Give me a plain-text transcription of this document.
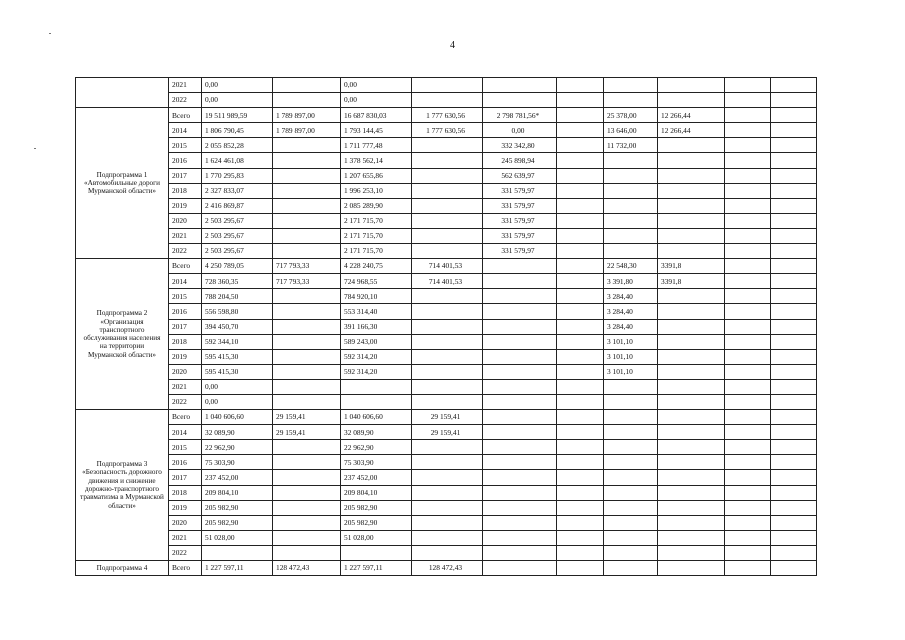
4
	2021	0,00		0,00							
	2022	0,00		0,00							
Подпрограмма 1 «Автомобильные дороги Мурманской области»	Всего	19 511 989,59	1 789 897,00	16 687 830,03	1 777 630,56	2 798 781,56*		25 378,00	12 266,44		
	2014	1 806 790,45	1 789 897,00	1 793 144,45	1 777 630,56	0,00		13 646,00	12 266,44		
	2015	2 055 852,28		1 711 777,48		332 342,80		11 732,00			
	2016	1 624 461,08		1 378 562,14		245 898,94					
	2017	1 770 295,83		1 207 655,86		562 639,97					
	2018	2 327 833,07		1 996 253,10		331 579,97					
	2019	2 416 869,87		2 085 289,90		331 579,97					
	2020	2 503 295,67		2 171 715,70		331 579,97					
	2021	2 503 295,67		2 171 715,70		331 579,97					
	2022	2 503 295,67		2 171 715,70		331 579,97					
Подпрограмма 2 «Организация транспортного обслуживания населения на территории Мурманской области»	Всего	4 250 789,05	717 793,33	4 228 240,75	714 401,53			22 548,30	3391,8		
	2014	728 360,35	717 793,33	724 968,55	714 401,53			3 391,80	3391,8		
	2015	788 204,50		784 920,10				3 284,40			
	2016	556 598,80		553 314,40				3 284,40			
	2017	394 450,70		391 166,30				3 284,40			
	2018	592 344,10		589 243,00				3 101,10			
	2019	595 415,30		592 314,20				3 101,10			
	2020	595 415,30		592 314,20				3 101,10			
	2021	0,00									
	2022	0,00									
Подпрограмма 3 «Безопасность дорожного движения и снижение дорожно-транспортного травматизма в Мурманской области»	Всего	1 040 606,60	29 159,41	1 040 606,60	29 159,41						
	2014	32 089,90	29 159,41	32 089,90	29 159,41						
	2015	22 962,90		22 962,90							
	2016	75 303,90		75 303,90							
	2017	237 452,00		237 452,00							
	2018	209 804,10		209 804,10							
	2019	205 982,90		205 982,90							
	2020	205 982,90		205 982,90							
	2021	51 028,00		51 028,00							
	2022										
Подпрограмма 4	Всего	1 227 597,11	128 472,43	1 227 597,11	128 472,43						
